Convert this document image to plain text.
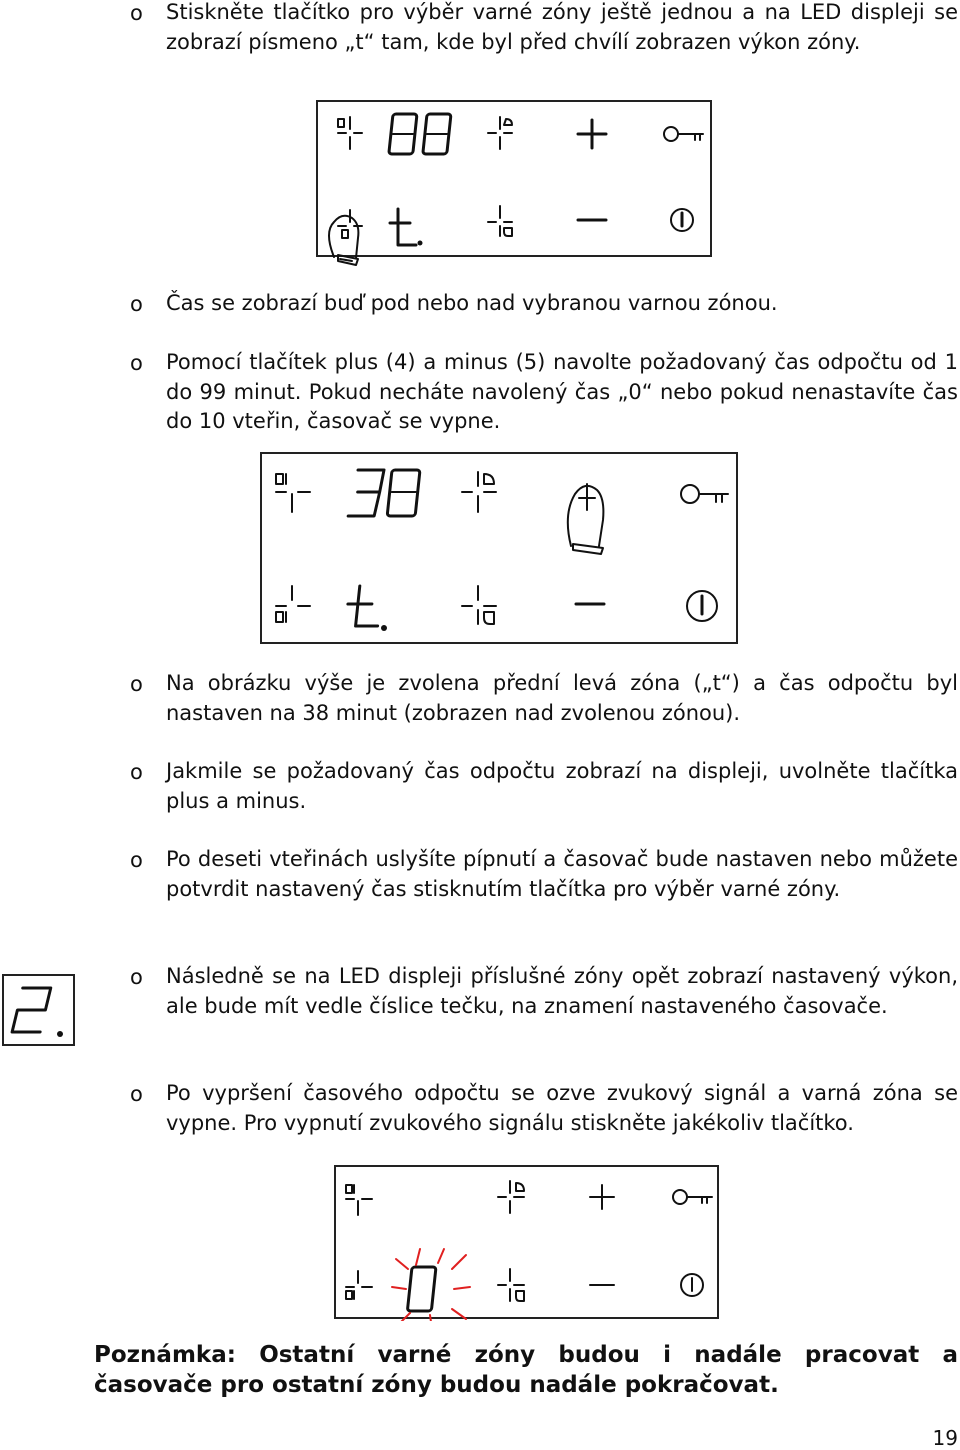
o Stiskněte tlačítko pro výběr varné zóny ještě jednou a na LED displeji se zobrazí písmeno „t“ tam, kde byl před chvílí zobrazen výkon zóny.
o Čas se zobrazí buď pod nebo nad vybranou varnou zónou.
o Pomocí tlačítek plus (4) a minus (5) navolte požadovaný čas odpočtu od 1 do 99 minut. Pokud necháte navolený čas „0“ nebo pokud nenastavíte čas do 10 vteřin, časovač se vypne.
o Na obrázku výše je zvolena přední levá zóna („t“) a čas odpočtu byl nastaven na 38 minut (zobrazen nad zvolenou zónou).
o Jakmile se požadovaný čas odpočtu zobrazí na displeji, uvolněte tlačítka plus a minus.
o Po deseti vteřinách uslyšíte pípnutí a časovač bude nastaven nebo můžete potvrdit nastavený čas stisknutím tlačítka pro výběr varné zóny.
o Následně se na LED displeji příslušné zóny opět zobrazí nastavený výkon, ale bude mít vedle číslice tečku, na znamení nastaveného časovače.
o Po vypršení časového odpočtu se ozve zvukový signál a varná zóna se vypne. Pro vypnutí zvukového signálu stiskněte jakékoliv tlačítko.
Poznámka: Ostatní varné zóny budou i nadále pracovat a časovače pro ostatní zóny budou nadále pokračovat.
19
